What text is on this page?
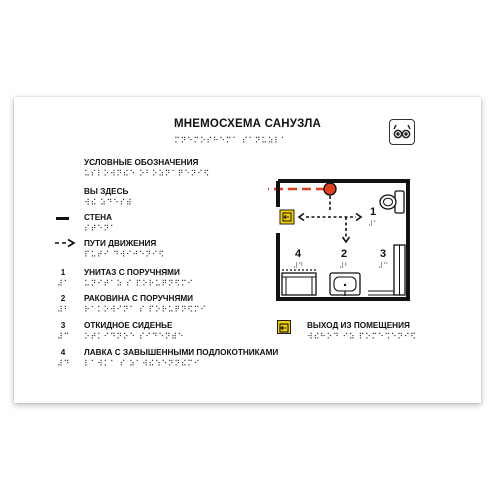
МНЕМОСХЕМА САНУЗЛА
⠍⠝⠑⠍⠕⠎⠓⠑⠍⠁ ⠎⠁⠝⠥⠵⠇⠁
УСЛОВНЫЕ ОБОЗНАЧЕНИЯ
⠥⠎⠇⠕⠺⠝⠮⠑ ⠕⠃⠕⠵⠝⠁⠟⠑⠝⠊⠫
ВЫ ЗДЕСЬ
⠺⠮ ⠵⠙⠑⠎⠾
СТЕНА
⠎⠞⠑⠝⠁
ПУТИ ДВИЖЕНИЯ
⠏⠥⠞⠊ ⠙⠺⠊⠚⠑⠝⠊⠫
1	УНИТАЗ С ПОРУЧНЯМИ
⠼⠁ ⠥⠝⠊⠞⠁⠵ ⠎ ⠏⠕⠗⠥⠟⠝⠫⠍⠊
2	РАКОВИНА С ПОРУЧНЯМИ
⠼⠃ ⠗⠁⠅⠕⠺⠊⠝⠁ ⠎ ⠏⠕⠗⠥⠟⠝⠫⠍⠊
3	ОТКИДНОЕ СИДЕНЬЕ
⠼⠉ ⠕⠞⠅⠊⠙⠝⠕⠑ ⠎⠊⠙⠑⠝⠾⠑
4	ЛАВКА С ЗАВЫШЕННЫМИ ПОДЛОКОТНИКАМИ
⠼⠙ ⠇⠁⠺⠅⠁ ⠎ ⠵⠁⠺⠮⠱⠑⠝⠝⠮⠍⠊
ВЫХОД ИЗ ПОМЕЩЕНИЯ
⠺⠮⠓⠕⠙ ⠊⠵ ⠏⠕⠍⠑⠩⠑⠝⠊⠫
1
⠼⠁
2
⠼⠃
3
⠼⠉
4
⠼⠙
